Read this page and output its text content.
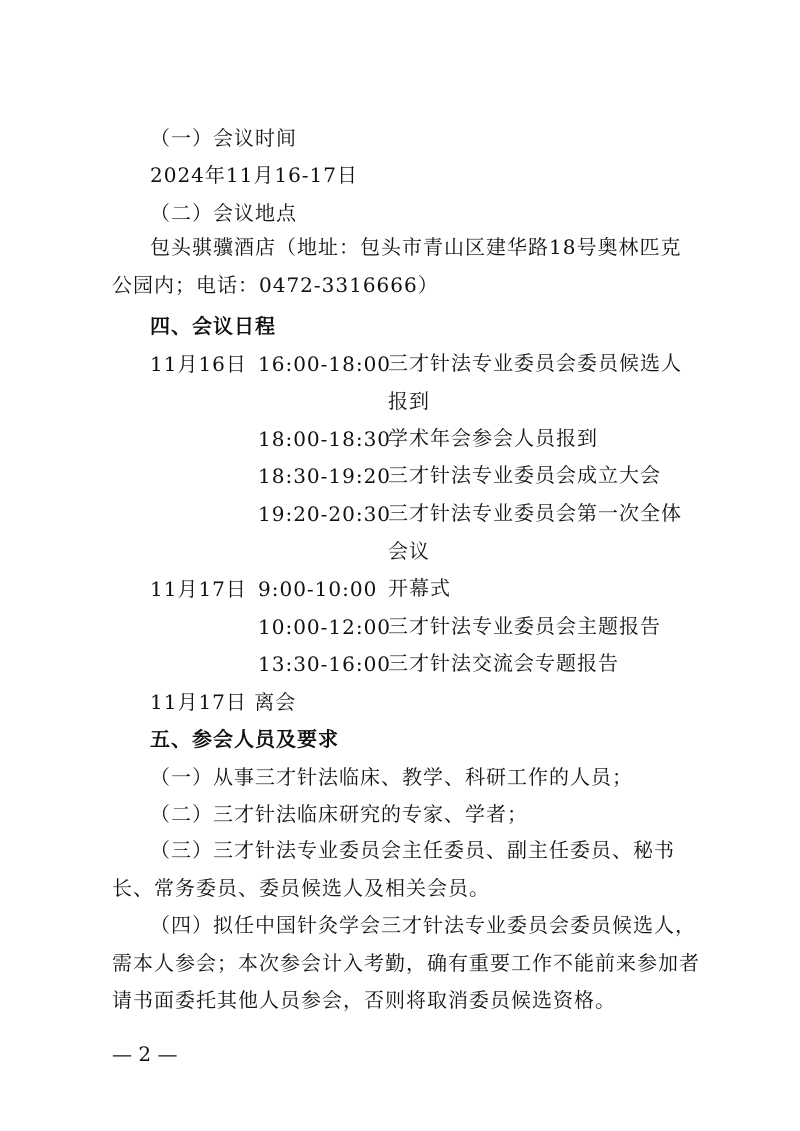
（一）会议时间
2024年11月16-17日
（二）会议地点
包头骐骥酒店（地址：包头市青山区建华路18号奥林匹克公园内；电话：0472-3316666）
四、会议日程
11月16日 16:00-18:00
三才针法专业委员会委员候选人报到
18:00-18:30
学术年会参会人员报到
18:30-19:20
三才针法专业委员会成立大会
19:20-20:30
三才针法专业委员会第一次全体会议
11月17日 9:00-10:00 开幕式
10:00-12:00
三才针法专业委员会主题报告
13:30-16:00
三才针法交流会专题报告
11月17日 离会
五、参会人员及要求
（一）从事三才针法临床、教学、科研工作的人员；
（二）三才针法临床研究的专家、学者；
（三）三才针法专业委员会主任委员、副主任委员、秘书长、常务委员、委员候选人及相关会员。
（四）拟任中国针灸学会三才针法专业委员会委员候选人，需本人参会；本次参会计入考勤，确有重要工作不能前来参加者请书面委托其他人员参会，否则将取消委员候选资格。
— 2 —
